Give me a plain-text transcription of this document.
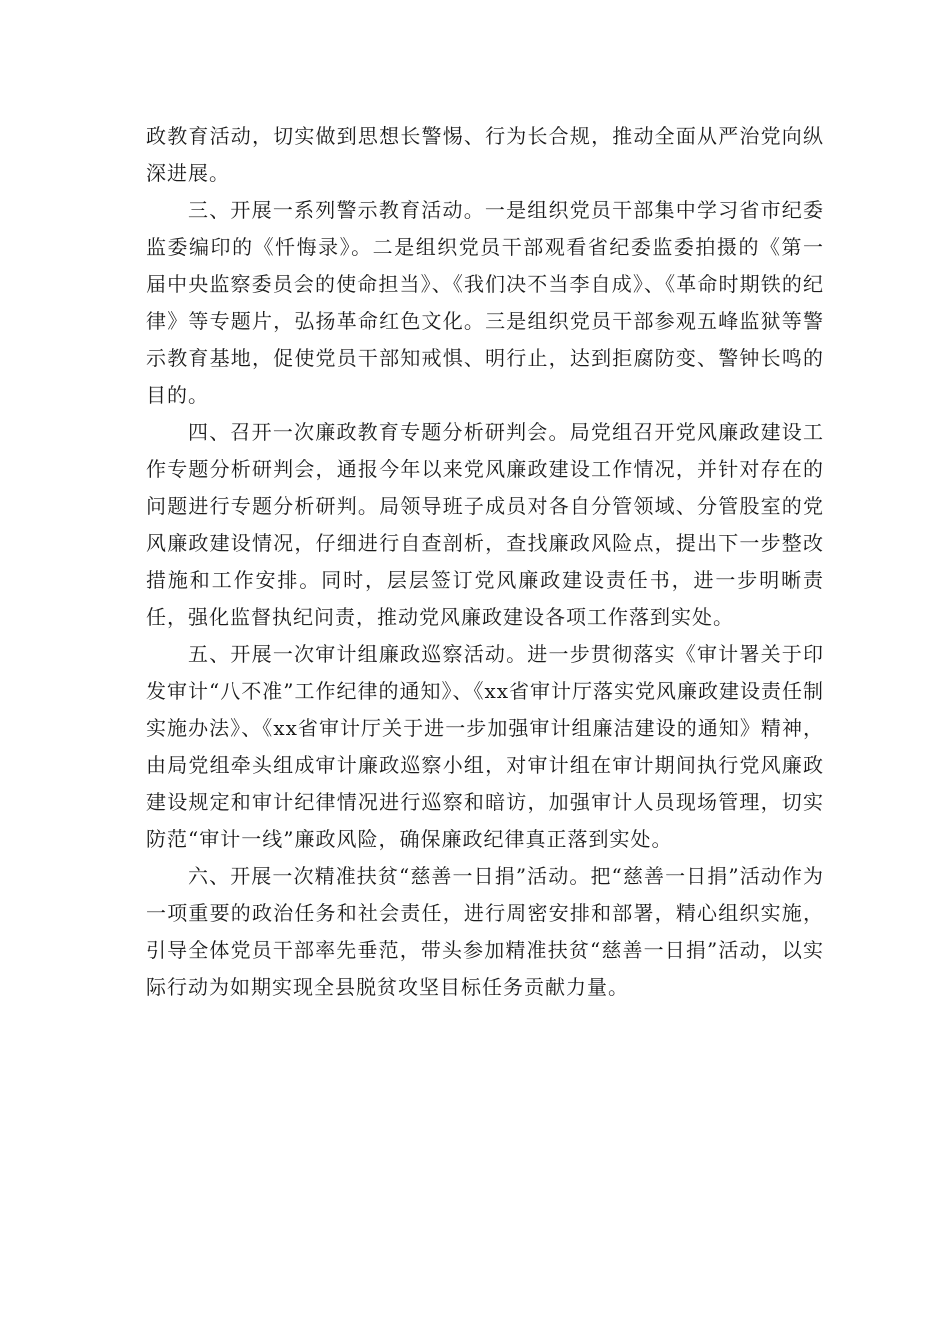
政教育活动，切实做到思想长警惕、行为长合规，推动全面从严治党向纵深进展。

三、开展一系列警示教育活动。一是组织党员干部集中学习省市纪委监委编印的《忏悔录》。二是组织党员干部观看省纪委监委拍摄的《第一届中央监察委员会的使命担当》、《我们决不当李自成》、《革命时期铁的纪律》等专题片，弘扬革命红色文化。三是组织党员干部参观五峰监狱等警示教育基地，促使党员干部知戒惧、明行止，达到拒腐防变、警钟长鸣的目的。

四、召开一次廉政教育专题分析研判会。局党组召开党风廉政建设工作专题分析研判会，通报今年以来党风廉政建设工作情况，并针对存在的问题进行专题分析研判。局领导班子成员对各自分管领域、分管股室的党风廉政建设情况，仔细进行自查剖析，查找廉政风险点，提出下一步整改措施和工作安排。同时，层层签订党风廉政建设责任书，进一步明晰责任，强化监督执纪问责，推动党风廉政建设各项工作落到实处。

五、开展一次审计组廉政巡察活动。进一步贯彻落实《审计署关于印发审计“八不准”工作纪律的通知》、《xx省审计厅落实党风廉政建设责任制实施办法》、《xx省审计厅关于进一步加强审计组廉洁建设的通知》精神，由局党组牵头组成审计廉政巡察小组，对审计组在审计期间执行党风廉政建设规定和审计纪律情况进行巡察和暗访，加强审计人员现场管理，切实防范“审计一线”廉政风险，确保廉政纪律真正落到实处。

六、开展一次精准扶贫“慈善一日捐”活动。把“慈善一日捐”活动作为一项重要的政治任务和社会责任，进行周密安排和部署，精心组织实施，引导全体党员干部率先垂范，带头参加精准扶贫“慈善一日捐”活动，以实际行动为如期实现全县脱贫攻坚目标任务贡献力量。
